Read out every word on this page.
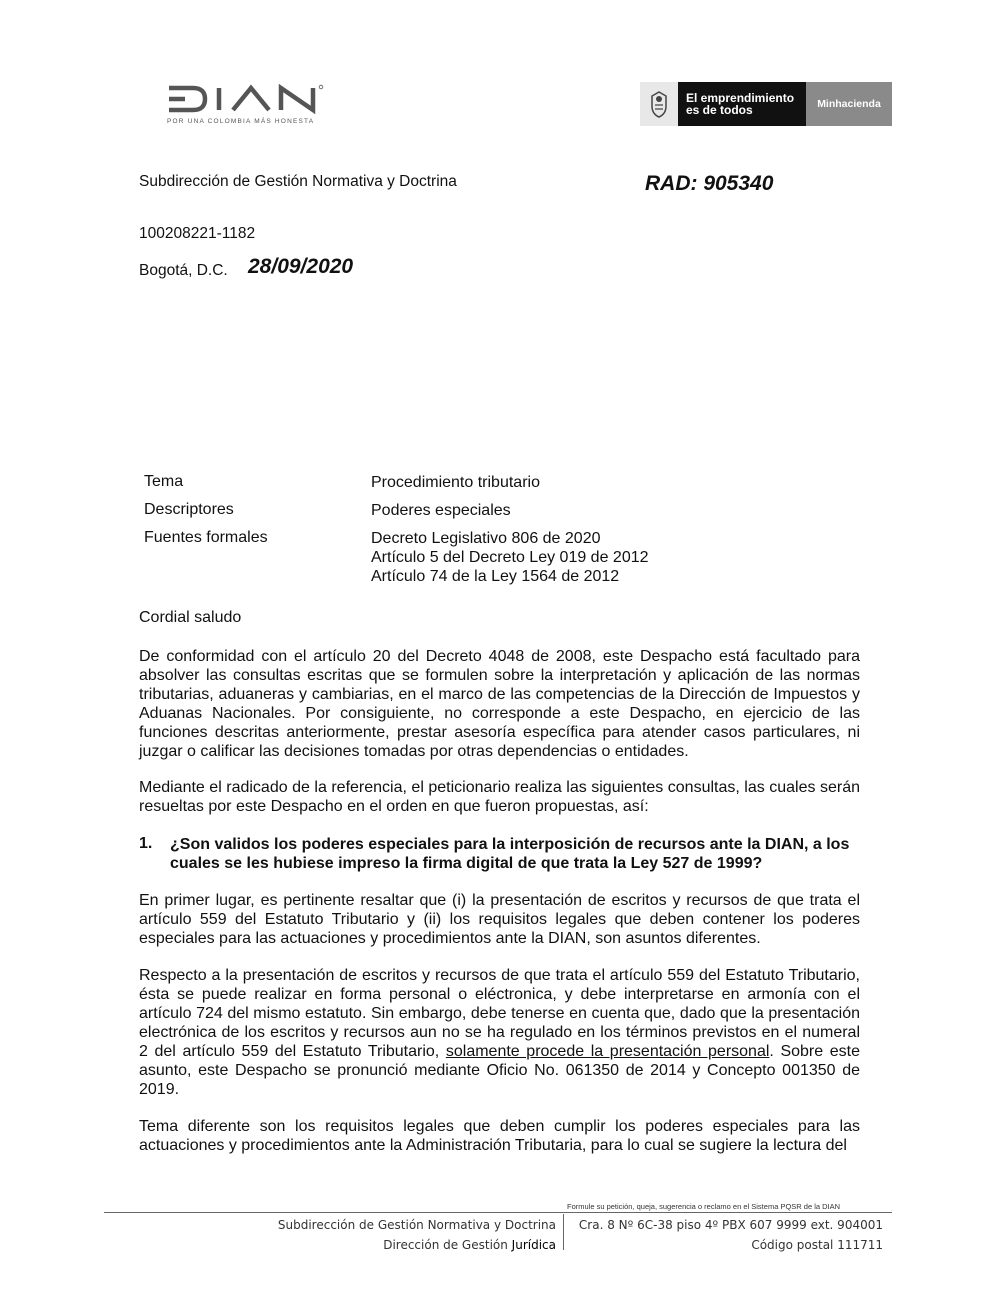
POR UNA COLOMBIA MÁS HONESTA
El emprendimiento
es de todos	Minhacienda
Subdirección de Gestión Normativa y Doctrina	RAD: 905340
100208221-1182
Bogotá, D.C. 28/09/2020
Tema	Procedimiento tributario
Descriptores	Poderes especiales
Fuentes formales	Decreto Legislativo 806 de 2020
Artículo 5 del Decreto Ley 019 de 2012
Artículo 74 de la Ley 1564 de 2012
Cordial saludo
De conformidad con el artículo 20 del Decreto 4048 de 2008, este Despacho está facultado para absolver las consultas escritas que se formulen sobre la interpretación y aplicación de las normas tributarias, aduaneras y cambiarias, en el marco de las competencias de la Dirección de Impuestos y Aduanas Nacionales. Por consiguiente, no corresponde a este Despacho, en ejercicio de las funciones descritas anteriormente, prestar asesoría específica para atender casos particulares, ni juzgar o calificar las decisiones tomadas por otras dependencias o entidades.
Mediante el radicado de la referencia, el peticionario realiza las siguientes consultas, las cuales serán resueltas por este Despacho en el orden en que fueron propuestas, así:
1. ¿Son validos los poderes especiales para la interposición de recursos ante la DIAN, a los cuales se les hubiese impreso la firma digital de que trata la Ley 527 de 1999?
En primer lugar, es pertinente resaltar que (i) la presentación de escritos y recursos de que trata el artículo 559 del Estatuto Tributario y (ii) los requisitos legales que deben contener los poderes especiales para las actuaciones y procedimientos ante la DIAN, son asuntos diferentes.
Respecto a la presentación de escritos y recursos de que trata el artículo 559 del Estatuto Tributario, ésta se puede realizar en forma personal o eléctronica, y debe interpretarse en armonía con el artículo 724 del mismo estatuto. Sin embargo, debe tenerse en cuenta que, dado que la presentación electrónica de los escritos y recursos aun no se ha regulado en los términos previstos en el numeral 2 del artículo 559 del Estatuto Tributario, solamente procede la presentación personal. Sobre este asunto, este Despacho se pronunció mediante Oficio No. 061350 de 2014 y Concepto 001350 de 2019.
Tema diferente son los requisitos legales que deben cumplir los poderes especiales para las actuaciones y procedimientos ante la Administración Tributaria, para lo cual se sugiere la lectura del
Formule su petición, queja, sugerencia o reclamo en el Sistema PQSR de la DIAN
Subdirección de Gestión Normativa y Doctrina
Dirección de Gestión Jurídica
Cra. 8 Nº 6C-38 piso 4º PBX 607 9999 ext. 904001
Código postal 111711
